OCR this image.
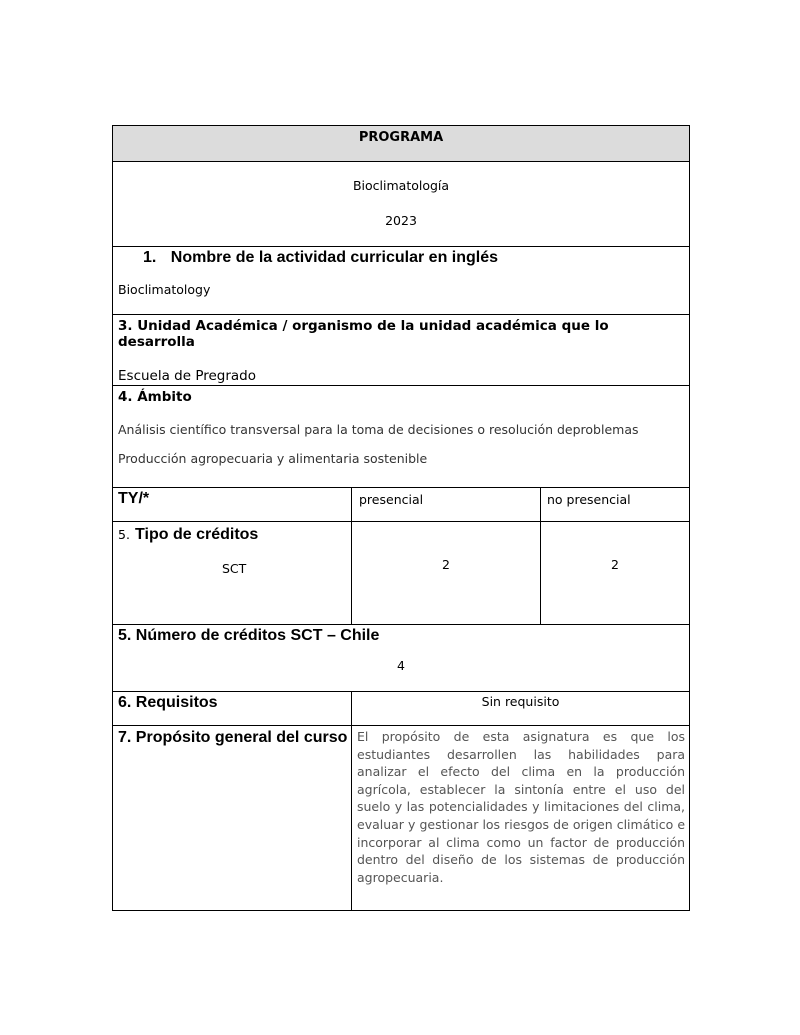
PROGRAMA		

Bioclimatología
2023		

1. Nombre de la actividad curricular en inglés
Bioclimatology		

3. Unidad Académica / organismo de la unidad académica que lo desarrolla
Escuela de Pregrado		

4. Ámbito
Análisis científico transversal para la toma de decisiones o resolución deproblemas
Producción agropecuaria y alimentaria sostenible		

TY/*	presencial	no presencial

5. Tipo de créditos
SCT	2	2

5. Número de créditos SCT – Chile
4		

6. Requisitos	Sin requisito	

7. Propósito general del curso	El propósito de esta asignatura es que los estudiantes desarrollen las habilidades para analizar el efecto del clima en la producción agrícola, establecer la sintonía entre el uso del suelo y las potencialidades y limitaciones del clima, evaluar y gestionar los riesgos de origen climático e incorporar al clima como un factor de producción dentro del diseño de los sistemas de producción agropecuaria.	
